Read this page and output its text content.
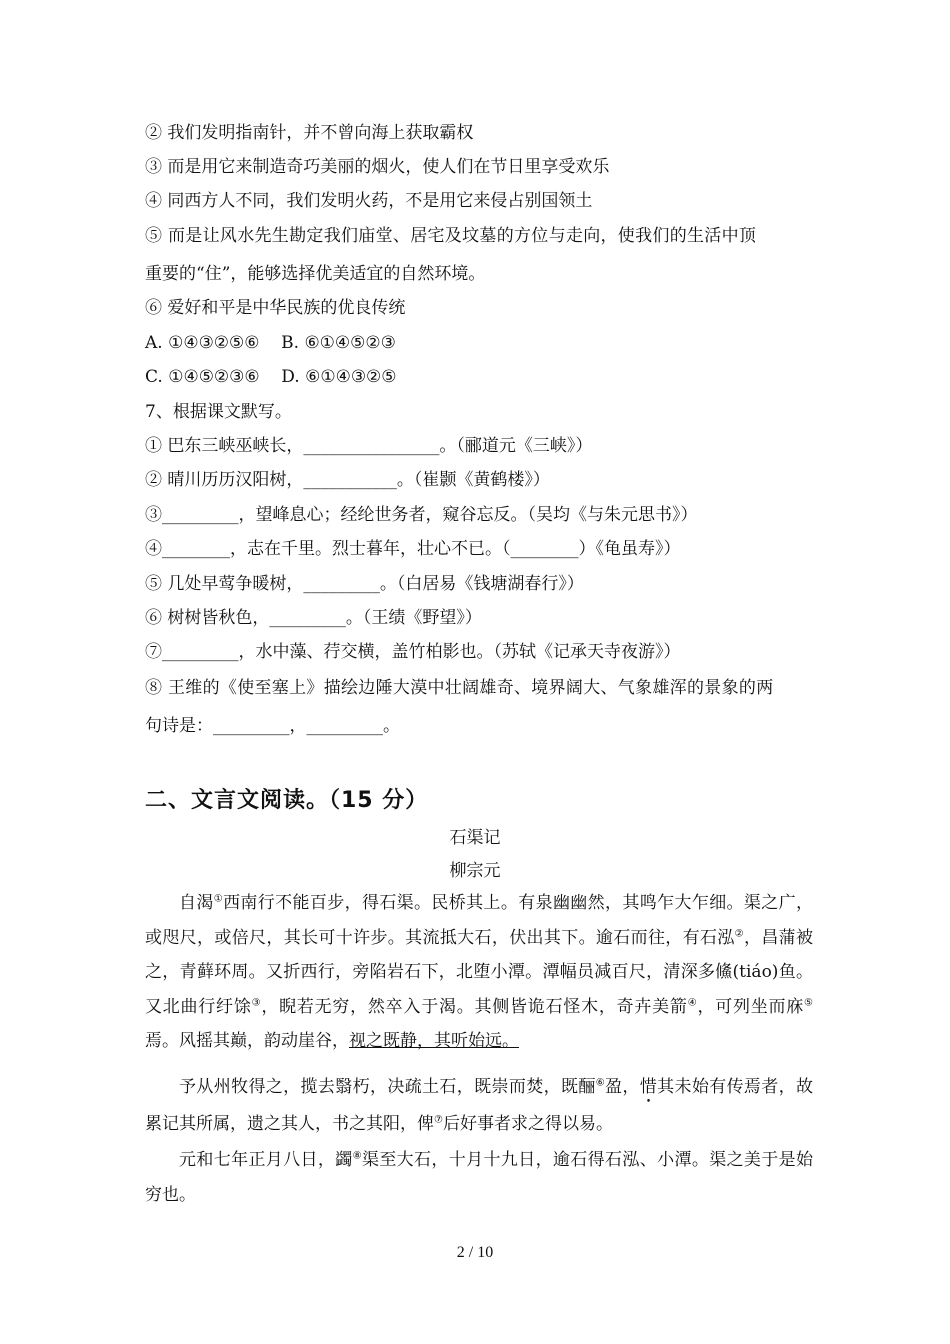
② 我们发明指南针，并不曾向海上获取霸权
③ 而是用它来制造奇巧美丽的烟火，使人们在节日里享受欢乐
④ 同西方人不同，我们发明火药，不是用它来侵占别国领土
⑤ 而是让风水先生勘定我们庙堂、居宅及坟墓的方位与走向，使我们的生活中顶
重要的“住”，能够选择优美适宜的自然环境。
⑥ 爱好和平是中华民族的优良传统
A. ①④③②⑤⑥    B. ⑥①④⑤②③
C. ①④⑤②③⑥    D. ⑥①④③②⑤
7、根据课文默写。
① 巴东三峡巫峡长，________________。（郦道元《三峡》）
② 晴川历历汉阳树，___________。（崔颢《黄鹤楼》）
③_________，望峰息心；经纶世务者，窥谷忘反。（吴均《与朱元思书》）
④________，志在千里。烈士暮年，壮心不已。（________）《龟虽寿》）
⑤ 几处早莺争暖树，_________。（白居易《钱塘湖春行》）
⑥ 树树皆秋色，_________。（王绩《野望》）
⑦_________，水中藻、荇交横，盖竹柏影也。（苏轼《记承天寺夜游》）
⑧ 王维的《使至塞上》描绘边陲大漠中壮阔雄奇、境界阔大、气象雄浑的景象的两
句诗是：_________，_________。
二、文言文阅读。（15 分）
石渠记
柳宗元
自渴①西南行不能百步，得石渠。民桥其上。有泉幽幽然，其鸣乍大乍细。渠之广，或咫尺，或倍尺，其长可十许步。其流抵大石，伏出其下。逾石而往，有石泓②，昌蒲被之，青藓环周。又折西行，旁陷岩石下，北堕小潭。潭幅员减百尺，清深多鯈(tiáo)鱼。又北曲行纡馀③，睨若无穷，然卒入于渴。其侧皆诡石怪木，奇卉美箭④，可列坐而庥⑤焉。风摇其巅，韵动崖谷，视之既静，其听始远。
予从州牧得之，揽去翳朽，决疏土石，既崇而焚，既酾⑥盈，惜其未始有传焉者，故累记其所属，遗之其人，书之其阳，俾⑦后好事者求之得以易。
元和七年正月八日，蠲⑧渠至大石，十月十九日，逾石得石泓、小潭。渠之美于是始穷也。
2 / 10
